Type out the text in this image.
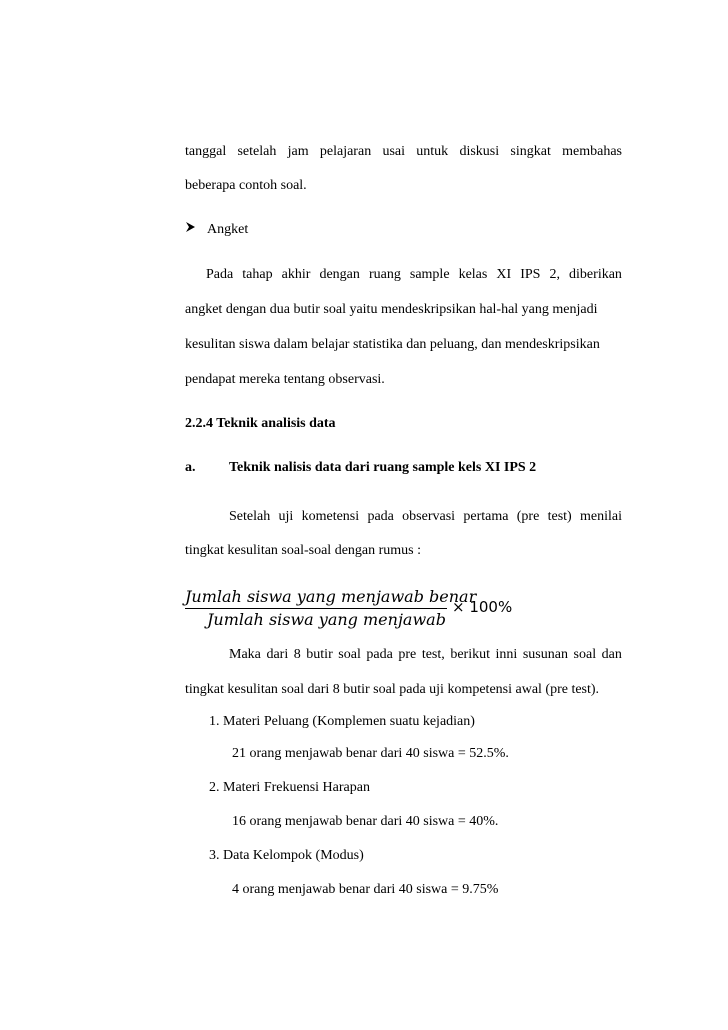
tanggal setelah jam pelajaran usai untuk diskusi singkat membahas
beberapa contoh soal.
Angket
Pada tahap akhir dengan ruang sample kelas XI IPS 2, diberikan
angket dengan dua butir soal yaitu mendeskripsikan hal-hal yang menjadi
kesulitan siswa dalam belajar statistika dan peluang, dan mendeskripsikan
pendapat mereka tentang observasi.
2.2.4 Teknik analisis data
a. Teknik nalisis data dari ruang sample kels XI IPS 2
Setelah uji kometensi pada observasi pertama (pre test) menilai
tingkat kesulitan soal-soal dengan rumus :
Jumlah siswa yang menjawab benar
Jumlah siswa yang menjawab
× 100%
Maka dari 8 butir soal pada pre test, berikut inni susunan soal dan
tingkat kesulitan soal dari 8 butir soal pada uji kompetensi awal (pre test).
1. Materi Peluang (Komplemen suatu kejadian)
21 orang menjawab benar dari 40 siswa = 52.5%.
2. Materi Frekuensi Harapan
16 orang menjawab benar dari 40 siswa = 40%.
3. Data Kelompok (Modus)
4 orang menjawab benar dari 40 siswa = 9.75%
